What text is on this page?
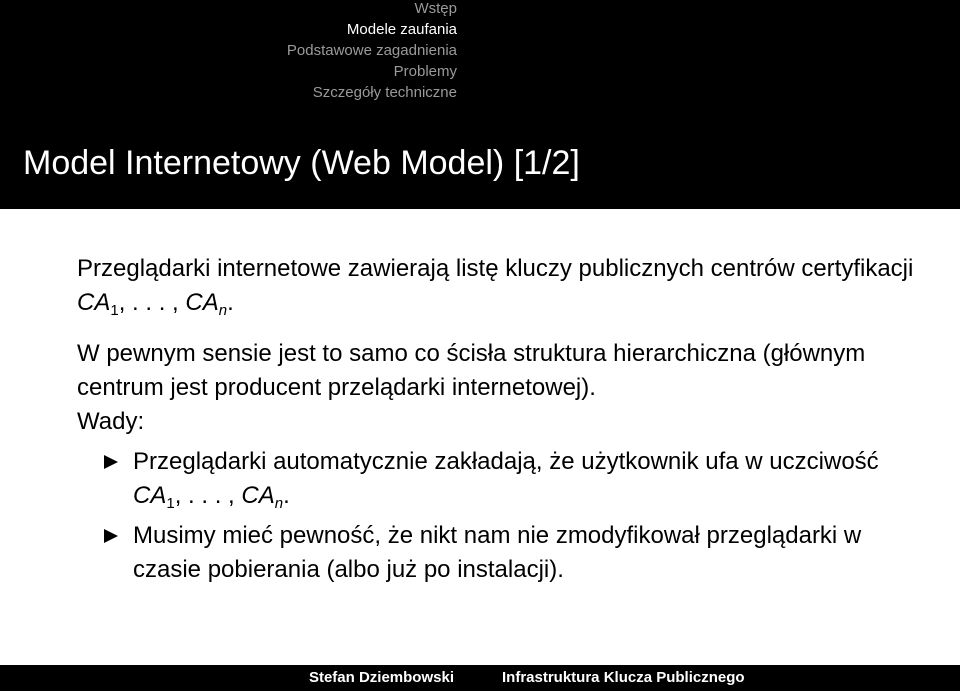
Wstęp
Modele zaufania
Podstawowe zagadnienia
Problemy
Szczegóły techniczne
Model Internetowy (Web Model) [1/2]

Przeglądarki internetowe zawierają listę kluczy publicznych centrów certyfikacji $CA_1$, . . . , $CA_n$.

W pewnym sensie jest to samo co ścisła struktura hierarchiczna (głównym centrum jest producent przelądarki internetowej).

Wady:

Przeglądarki automatycznie zakładają, że użytkownik ufa w uczciwość $CA_1$, . . . , $CA_n$.
Musimy mieć pewność, że nikt nam nie zmodyfikował przeglądarki w czasie pobierania (albo już po instalacji).
Stefan Dziembowski	Infrastruktura Klucza Publicznego
